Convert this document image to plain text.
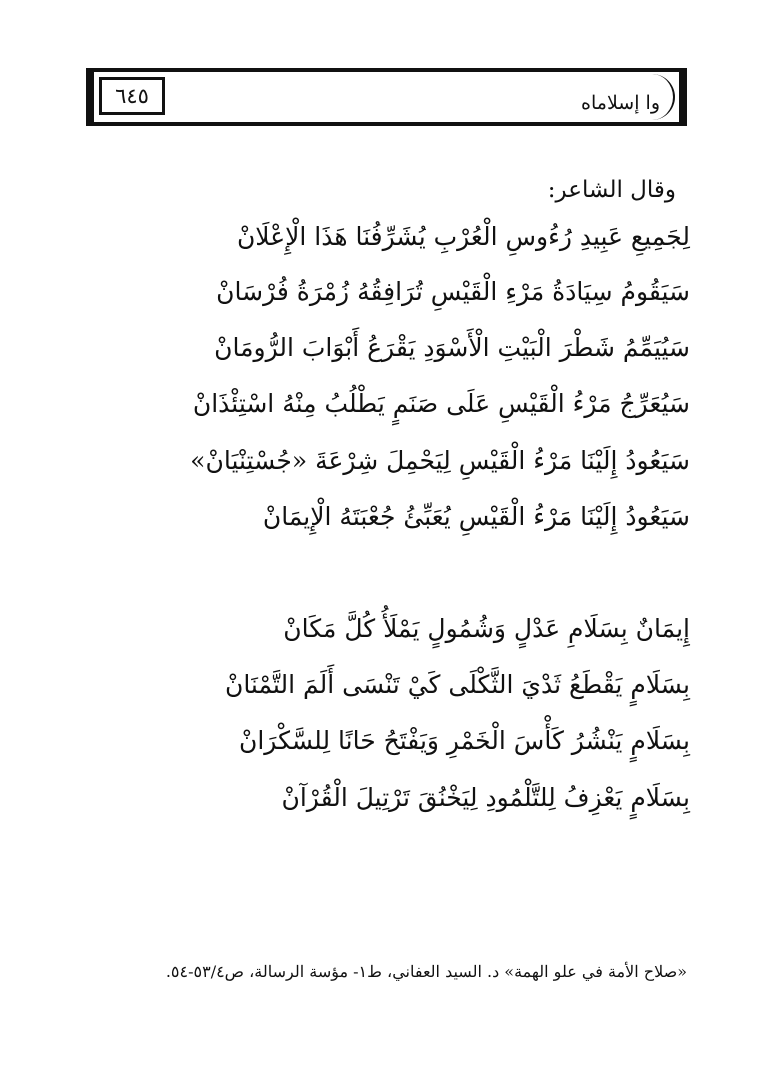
٦٤٥	وا إسلاماه
وقال الشاعر:
لِجَمِيعِ عَبِيدِ رُءُوسِ الْعُرْبِ يُشَرِّفُنَا هَذَا الْإِعْلَانْ
سَيَقُومُ سِيَادَةُ مَرْءِ الْقَيْسِ تُرَافِقُهُ زُمْرَةُ فُرْسَانْ
سَيُيَمِّمُ شَطْرَ الْبَيْتِ الْأَسْوَدِ يَقْرَعُ أَبْوَابَ الرُّومَانْ
سَيُعَرِّجُ مَرْءُ الْقَيْسِ عَلَى صَنَمٍ يَطْلُبُ مِنْهُ اسْتِئْذَانْ
سَيَعُودُ إِلَيْنَا مَرْءُ الْقَيْسِ لِيَحْمِلَ شِرْعَةَ «جُسْتِنْيَانْ»
سَيَعُودُ إِلَيْنَا مَرْءُ الْقَيْسِ يُعَبِّئُ جُعْبَتَهُ الْإِيمَانْ
إِيمَانٌ بِسَلَامِ عَدْلٍ وَشُمُولٍ يَمْلَأُ كُلَّ مَكَانْ
بِسَلَامٍ يَقْطَعُ ثَدْيَ الثَّكْلَى كَيْ تَنْسَى أَلَمَ التَّمْنَانْ
بِسَلَامٍ يَنْشُرُ كَأْسَ الْخَمْرِ وَيَفْتَحُ حَانًا لِلسَّكْرَانْ
بِسَلَامٍ يَعْزِفُ لِلتَّلْمُودِ لِيَخْنُقَ تَرْتِيلَ الْقُرْآنْ
«صلاح الأمة في علو الهمة» د. السيد العفاني، ط١- مؤسة الرسالة، ص٥٣/٤-٥٤.
